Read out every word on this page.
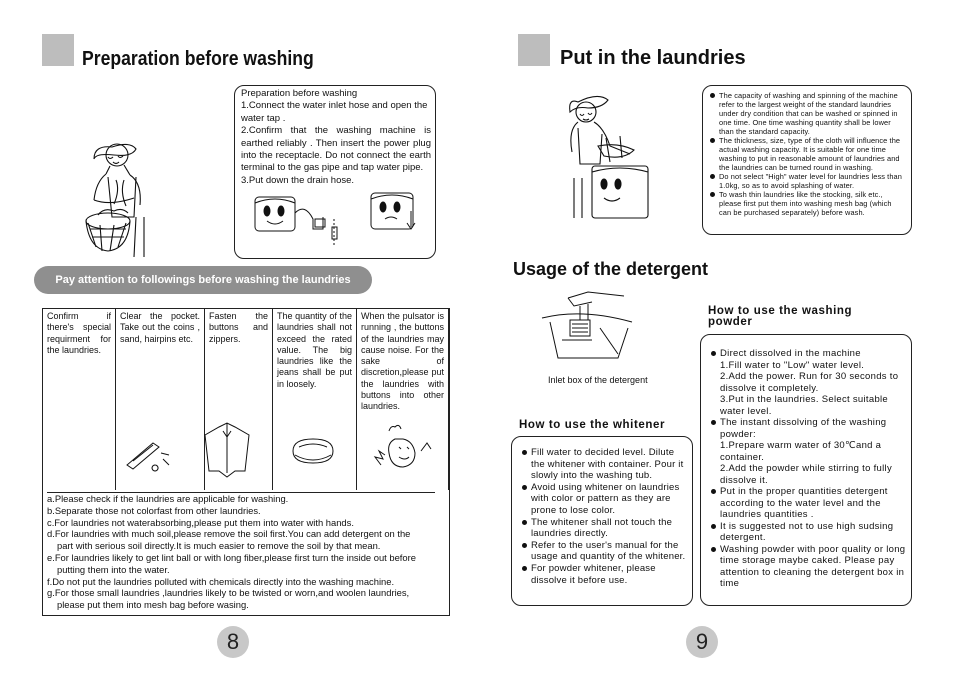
Preparation before washing
Preparation before washing
1.Connect the water inlet hose and open the water tap .
2.Confirm that the washing machine is earthed reliably . Then insert the power plug into the receptacle. Do not connect the earth terminal to the gas pipe and tap water pipe.
3.Put down the drain hose.
Pay attention to followings before washing the laundries
Confirm if there's special requirment for the laundries.
Clear the pocket. Take out the coins , sand, hairpins etc.
Fasten the buttons and zippers.
The quantity of the laundries shall not exceed the rated value. The big laundries like the jeans shall be put in loosely.
When the pulsator is running , the buttons of the laundries may cause noise. For the sake of discretion,please put the laundries with buttons into other laundries.
a.Please check if the laundries are applicable for washing.
b.Separate those not colorfast from other laundries.
c.For laundries not waterabsorbing,please put them into water with hands.
d.For laundries with much soil,please remove the soil first.You can add detergent on the
part with serious soil directly.It is much easier to remove the soil by that mean.
e.For laundries likely to get lint ball or with long fiber,please first turn the inside out before
putting them into the water.
f.Do not put the laundries polluted with chemicals directly into the washing machine.
g.For those small laundries ,laundries likely to be twisted or worn,and woolen laundries,
please put them into mesh bag before wasing.
8
Put in the laundries
The capacity of washing and spinning of the machine refer to the largest weight of the standard laundries under dry condition that can be washed or spinned in one time. One time washing quantity shall be lower than the standard capacity.
The thickness, size, type of the cloth will influence the actual washing capacity. It is suitable for one time washing to put in reasonable amount of laundries and the laundries can be turned round in washing.
Do not select "High" water level for laundries less than 1.0kg, so as to avoid splashing of water.
To wash thin laundries like the stocking, silk etc., please first put them into washing mesh bag (which can be purchased separately) before wash.
Usage of the detergent
Inlet box of the detergent
How to use the whitener
Fill water to decided level. Dilute the whitener with container. Pour it slowly into the washing tub.
Avoid using whitener on laundries with color or pattern as they are prone to lose color.
The whitener shall not touch the laundries directly.
Refer to the user's manual for the usage and quantity of the whitener.
For powder whitener, please dissolve it before use.
How to use the washing
powder
Direct dissolved in the machine
1.Fill water to "Low" water level.
2.Add the power. Run for 30 seconds to dissolve it completely.
3.Put in the laundries. Select suitable water level.
The instant dissolving of the washing powder:
1.Prepare warm water of 30℃and a container.
2.Add the powder while stirring to fully dissolve it.
Put in the proper quantities detergent according to the water level and the laundries quantities .
It is suggested not to use high sudsing detergent.
Washing powder with poor quality or long time storage maybe caked. Please pay attention to cleaning the detergent box in time
9
